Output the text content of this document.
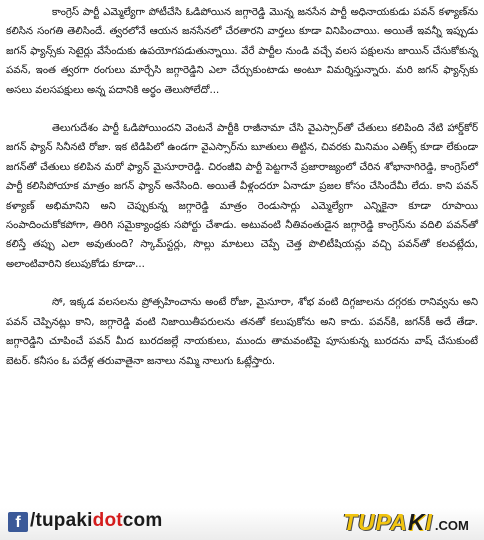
కాంగ్రెస్ పార్టీ ఎమ్మెల్యేగా పోటీచేసి ఓడిపోయిన జగ్గారెడ్డి మొన్న జనసేన పార్టీ అధినాయకుడు పవన్ కళ్యాణ్‌ను కలిసిన సంగతి తెలిసిందే. త్వరలోనే ఆయన జనసేనలో చేరతారని వార్తలు కూడా వినిపించాయి. అయితే ఇవన్నీ ఇప్పుడు జగన్ ఫ్యాన్స్‌కు సెటైర్లు వేసేందుకు ఉపయోగపడుతున్నాయి. వేరే పార్టీల నుండి వచ్చే వలస పక్షులను జాయిన్ చేసుకోకున్న పవన్, ఇంత త్వరగా రంగులు మార్చేసి జగ్గారెడ్డిని ఎలా చేర్చుకుంటాడు అంటూ విమర్శిస్తున్నారు. మరి జగన్ ఫ్యాన్స్‌కు అసలు వలసపక్షులు అన్న పదానికి అర్థం తెలుసోలేదో...

తెలుగుదేశం పార్టీ ఓడిపోయిందని వెంటనే పార్టీకి రాజీనామా చేసి వైఎస్సార్‌తో చేతులు కలిపింది నేటి హార్డ్‌కోర్ జగన్ ఫ్యాన్ సినీనటి రోజా. ఇక టిడిపిలో ఉండగా వైఎస్సార్‌ను బూతులు తిట్టిన, చివరకు మినిమం ఎతిక్స్ కూడా లేకుండా జగన్‌తో చేతులు కలిపిన మరో ఫ్యాన్ మైసూరారెడ్డి. చిరంజీవి పార్టీ పెట్టగానే ప్రజారాజ్యంలో చేరిన శోభానాగిరెడ్డి, కాంగ్రెస్‌లో పార్టీ కలిసిపోయాక మాత్రం జగన్ ఫ్యాన్ అనేసింది. అయితే వీళ్లందరూ ఏనాడూ ప్రజల కోసం చేసిందేమీ లేదు. కాని పవన్ కళ్యాణ్ అభిమానిని అని చెప్పుకున్న జగ్గారెడ్డి మాత్రం రెండుసార్లు ఎమ్మెల్యేగా ఎన్నికైనా కూడా రూపాయి సంపాదించుకోకపోగా, తిరిగి సమైక్యాంధ్రకు సపోర్టు చేశాడు. అటువంటి నీతివంతుడైన జగ్గారెడ్డి కాంగ్రెస్‌ను వదిలి పవన్‌తో కలిస్తే తప్పు ఎలా అవుతుంది? స్కామ్‌స్టర్లు, సొల్లు మాటలు చెప్పే చెత్త పొలిటీషియన్లు వచ్చి పవన్‌తో కలవట్లేదు, అలాంటివారిని కలుపుకోడు కూడా...

సో, ఇక్కడ వలసలను ప్రోత్సహించాను అంటే రోజా, మైసూరా, శోభ వంటి దిగ్గజాలను దగ్గరకు రానివ్వను అని పవన్ చెప్పినట్లు కాని, జగ్గారెడ్డి వంటి నిజాయితీపరులను తనతో కలుపుకోను అని కాదు. పవన్‌కి, జగన్‌కీ అదే తేడా. జగ్గారెడ్డిని చూపించే పవన్ మీద బురదజల్లే నాయకులు, ముందు తామవంటిపై పూసుకున్న బురదను వాష్ చేసుకుంటే బెటర్. కనీసం ఓ పదేళ్ల తరువాతైనా జనాలు నమ్మి నాలుగు ఓట్లేస్తారు.

f /tupakidotcom	TUPAKI .COM
